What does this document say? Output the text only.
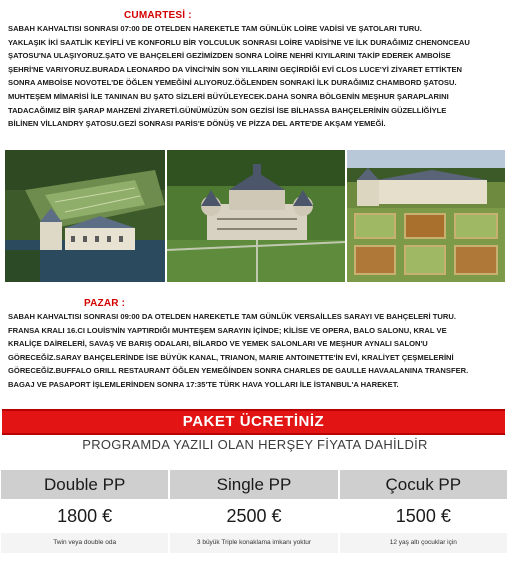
CUMARTESİ :
SABAH KAHVALTISI SONRASI 07:00 DE OTELDEN HAREKETLE TAM GÜNLÜK LOİRE VADİSİ VE ŞATOLARI TURU.
YAKLAŞIK İKİ SAATLİK KEYİFLİ VE KONFORLU BİR YOLCULUK SONRASI LOİRE VADİSİ'NE VE İLK DURAĞIMIZ CHENONCEAU
ŞATOSU'NA ULAŞIYORUZ.ŞATO VE BAHÇELERİ GEZİMİZDEN SONRA LOİRE NEHRİ KIYILARINI TAKİP EDEREK AMBOİSE
ŞEHRİ'NE VARIYORUZ.BURADA LEONARDO DA VİNCİ'NİN SON YILLARINI GEÇİRDİĞİ EVİ CLOS LUCE'Yİ ZİYARET ETTİKTEN
SONRA AMBOİSE NOVOTEL'DE ÖĞLEN YEMEĞİNİ ALIYORUZ.ÖĞLENDEN SONRAKİ İLK DURAĞIMIZ CHAMBORD ŞATOSU.
MUHTEŞEM MİMARİSİ İLE TANINAN BU ŞATO SİZLERİ BÜYÜLEYECEK.DAHA SONRA BÖLGENİN MEŞHUR ŞARAPLARINI
TADACAĞIMIZ BİR ŞARAP MAHZENİ ZİYARETİ.GÜNÜMÜZÜN SON GEZİSİ İSE BİLHASSA BAHÇELERİNİN GÜZELLİĞİYLE
BİLİNEN VİLLANDRY ŞATOSU.GEZİ SONRASI PARİS'E DÖNÜŞ VE PİZZA DEL ARTE'DE AKŞAM YEMEĞİ.
PAZAR :
SABAH KAHVALTISI SONRASI 09:00 DA OTELDEN HAREKETLE TAM GÜNLÜK VERSAİLLES SARAYI VE BAHÇELERİ TURU.
FRANSA KRALI 16.CI LOUİS'NİN YAPTIRDIĞI MUHTEŞEM SARAYIN İÇİNDE; KİLİSE VE OPERA, BALO SALONU, KRAL VE
KRALİÇE DAİRELERİ, SAVAŞ VE BARIŞ ODALARI, BİLARDO VE YEMEK SALONLARI VE MEŞHUR AYNALI SALON'U
GÖRECEĞİZ.SARAY BAHÇELERİNDE İSE BÜYÜK KANAL, TRIANON, MARIE ANTOINETTE'İN EVİ, KRALİYET ÇEŞMELERİNİ
GÖRECEĞİZ.BUFFALO GRILL RESTAURANT ÖĞLEN YEMEĞİNDEN SONRA CHARLES DE GAULLE HAVAALANINA TRANSFER.
BAGAJ VE PASAPORT İŞLEMLERİNDEN SONRA 17:35'TE TÜRK HAVA YOLLARI İLE İSTANBUL'A HAREKET.
PAKET ÜCRETİNİZ
PROGRAMDA YAZILI OLAN HERŞEY FİYATA DAHİLDİR
Double PP
1800 €
Twin veya double oda
Single PP
2500 €
3 büyük Triple konaklama imkanı yoktur
Çocuk PP
1500 €
12 yaş altı çocuklar için
